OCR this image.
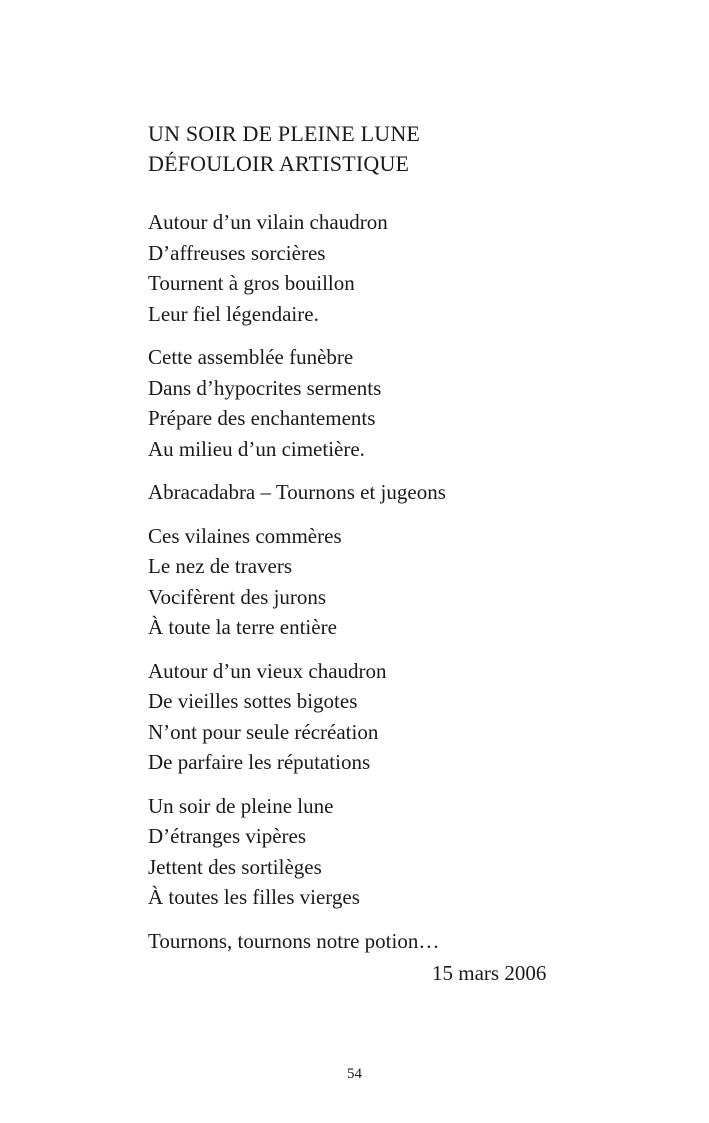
UN SOIR DE PLEINE LUNE
DÉFOULOIR ARTISTIQUE
Autour d’un vilain chaudron
D’affreuses sorcières
Tournent à gros bouillon
Leur fiel légendaire.
Cette assemblée funèbre
Dans d’hypocrites serments
Prépare des enchantements
Au milieu d’un cimetière.
Abracadabra – Tournons et jugeons
Ces vilaines commères
Le nez de travers
Vocifèrent des jurons
À toute la terre entière
Autour d’un vieux chaudron
De vieilles sottes bigotes
N’ont pour seule récréation
De parfaire les réputations
Un soir de pleine lune
D’étranges vipères
Jettent des sortilèges
À toutes les filles vierges
Tournons, tournons notre potion…
15 mars 2006
54
